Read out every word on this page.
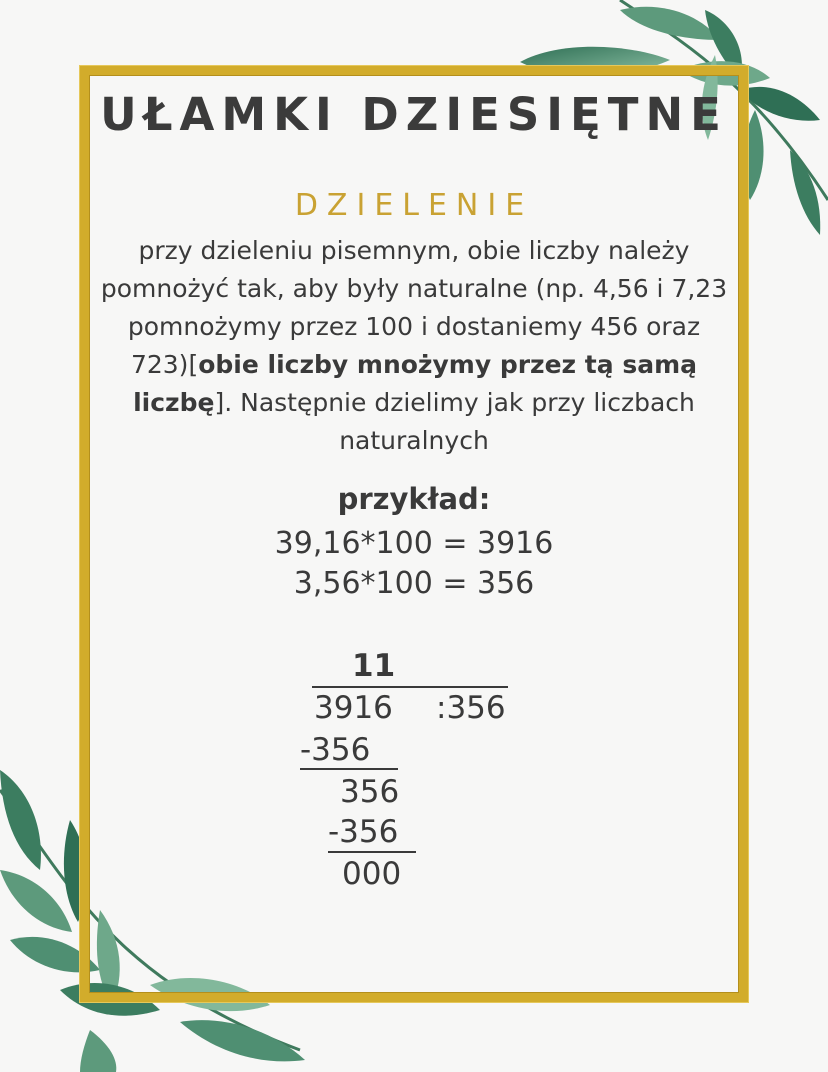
UŁAMKI DZIESIĘTNE
DZIELENIE
przy dzieleniu pisemnym, obie liczby należy pomnożyć tak, aby były naturalne (np. 4,56 i 7,23 pomnożymy przez 100 i dostaniemy 456 oraz 723)[obie liczby mnożymy przez tą samą liczbę]. Następnie dzielimy jak przy liczbach naturalnych
przykład:
39,16*100 = 3916
3,56*100 = 356
11
3916 :356
-356
356
-356
000
